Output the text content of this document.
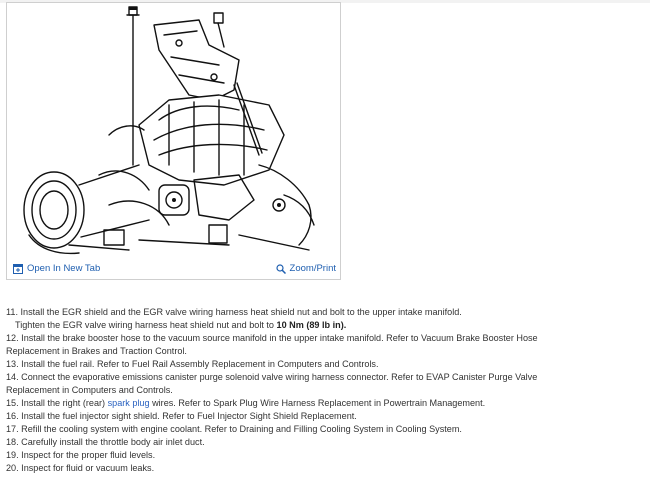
Open In New Tab	Zoom/Print
11. Install the EGR shield and the EGR valve wiring harness heat shield nut and bolt to the upper intake manifold.
Tighten the EGR valve wiring harness heat shield nut and bolt to 10 Nm (89 lb in).
12. Install the brake booster hose to the vacuum source manifold in the upper intake manifold. Refer to Vacuum Brake Booster Hose
Replacement in Brakes and Traction Control.
13. Install the fuel rail. Refer to Fuel Rail Assembly Replacement in Computers and Controls.
14. Connect the evaporative emissions canister purge solenoid valve wiring harness connector. Refer to EVAP Canister Purge Valve
Replacement in Computers and Controls.
15. Install the right (rear) spark plug wires. Refer to Spark Plug Wire Harness Replacement in Powertrain Management.
16. Install the fuel injector sight shield. Refer to Fuel Injector Sight Shield Replacement.
17. Refill the cooling system with engine coolant. Refer to Draining and Filling Cooling System in Cooling System.
18. Carefully install the throttle body air inlet duct.
19. Inspect for the proper fluid levels.
20. Inspect for fluid or vacuum leaks.
